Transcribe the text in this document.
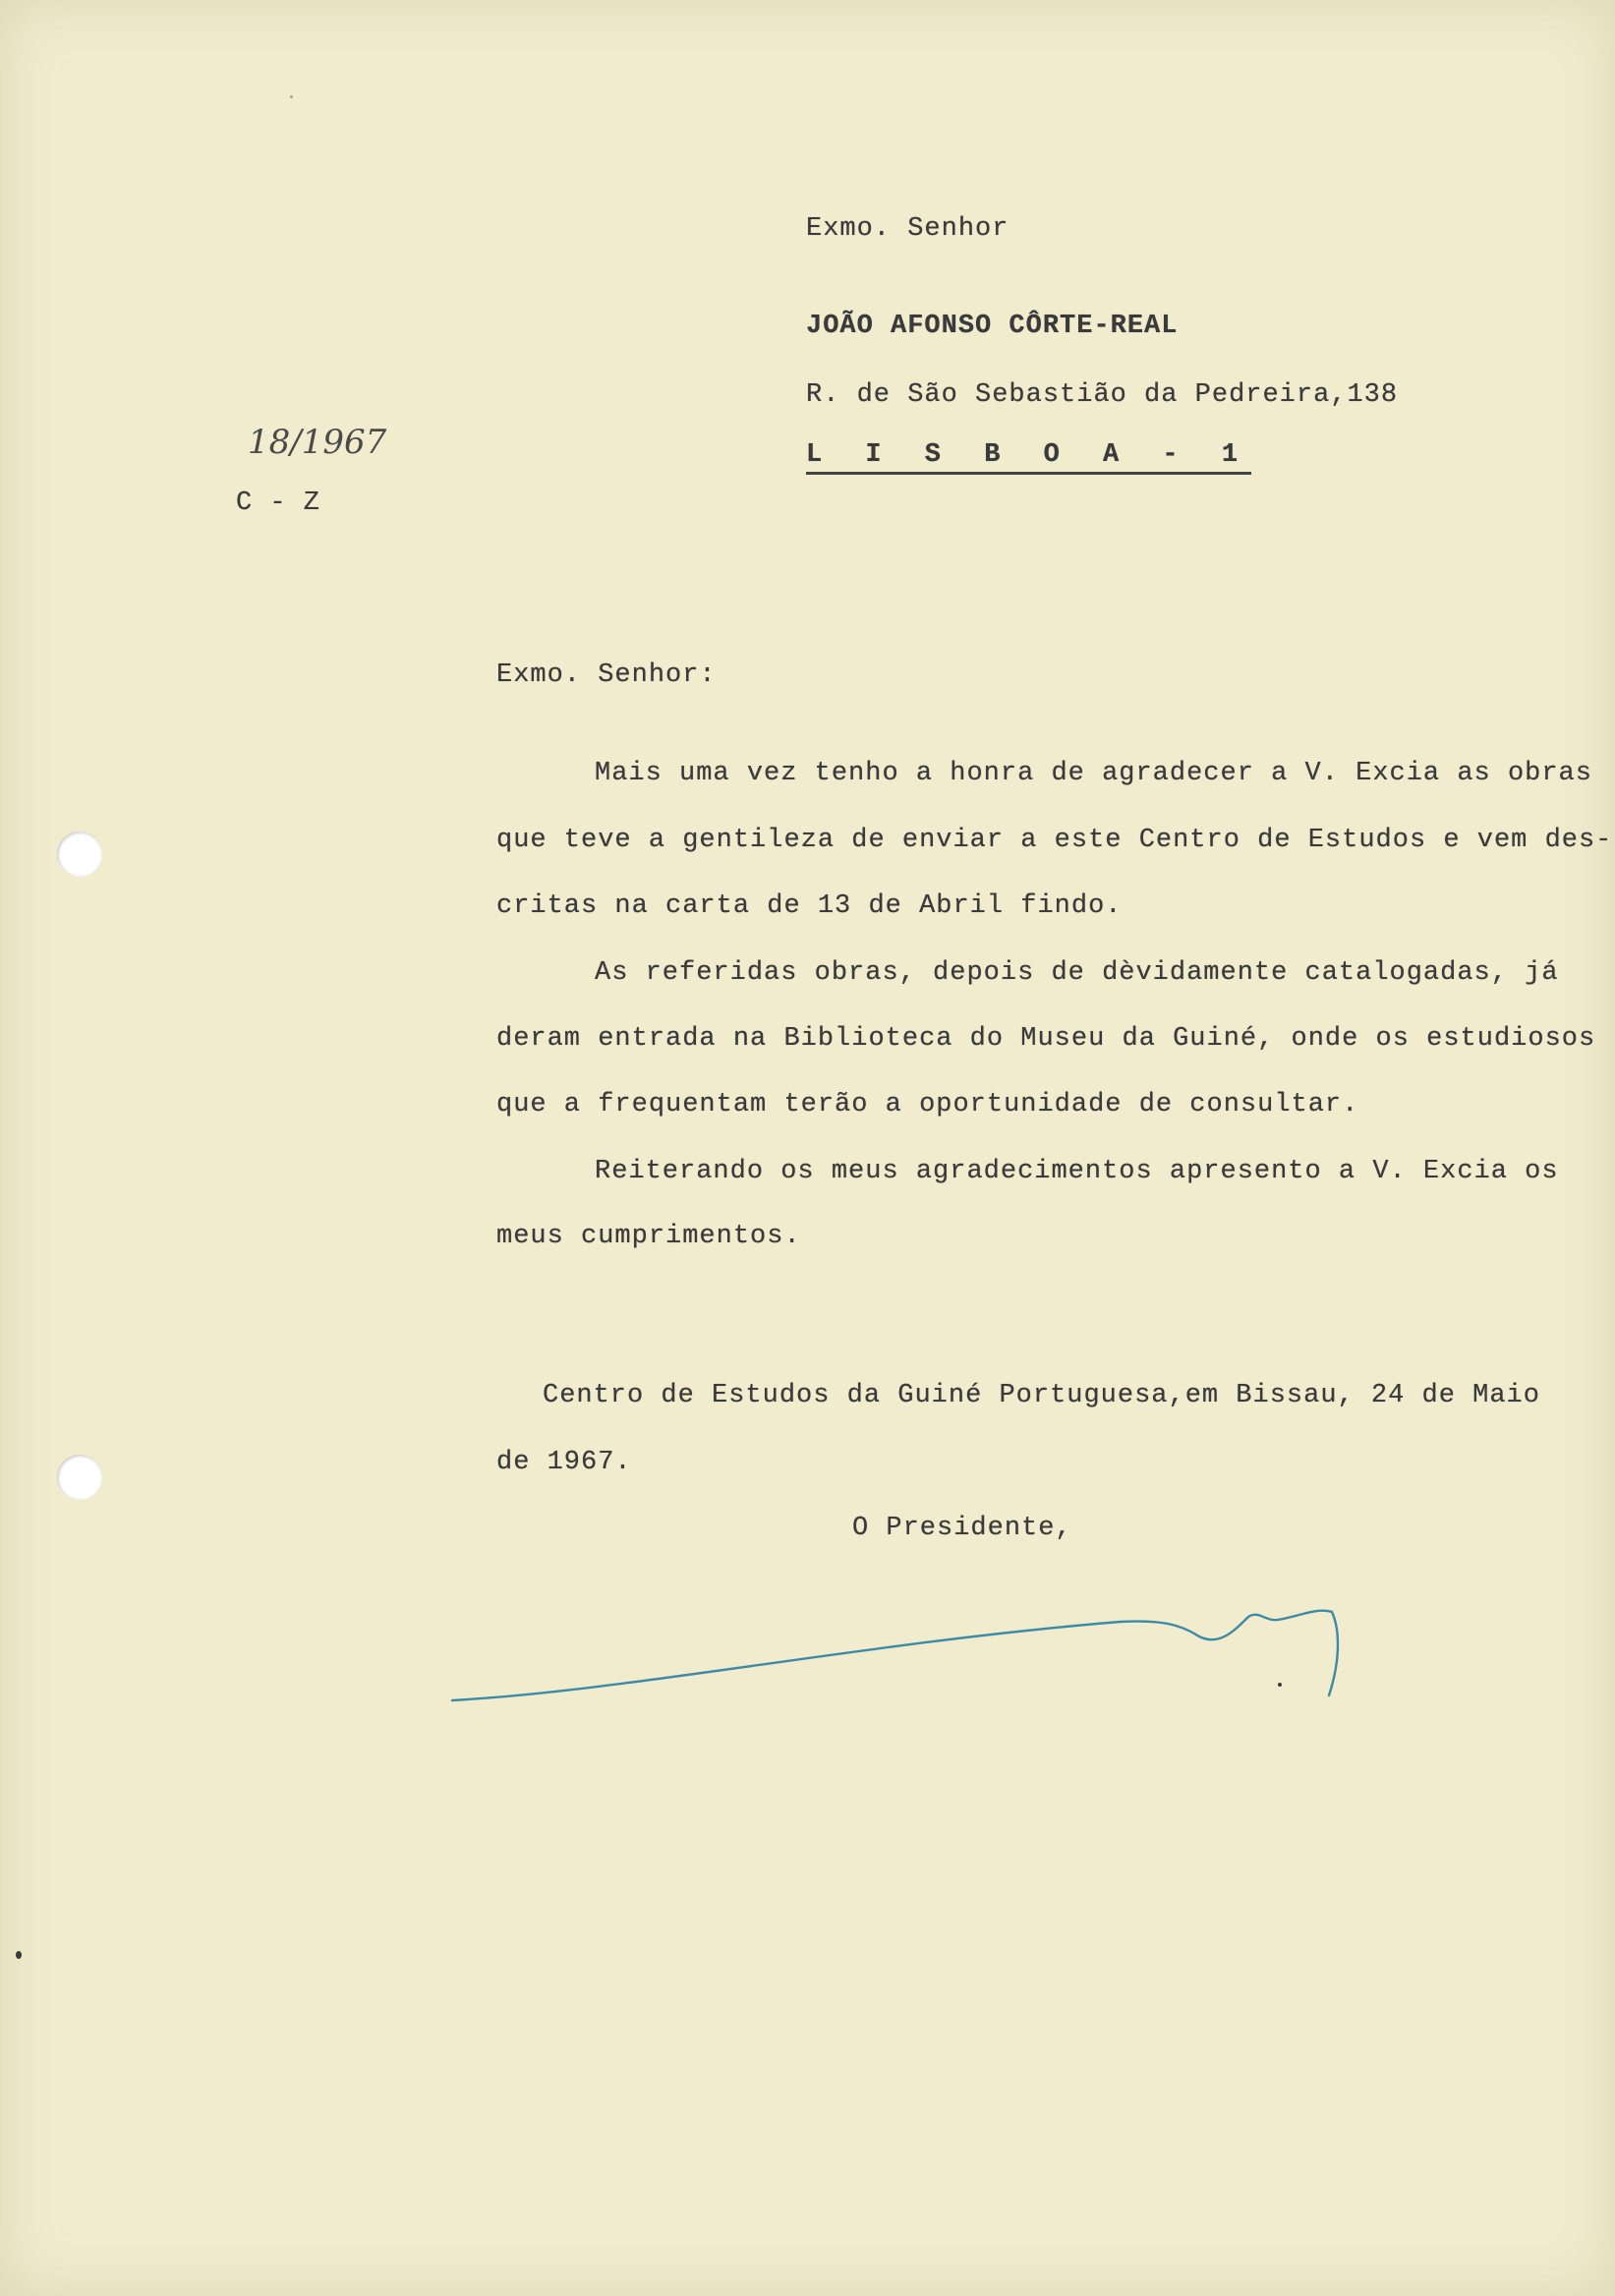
Exmo. Senhor
JOÃO AFONSO CÔRTE-REAL
R. de São Sebastião da Pedreira,138
L I S B O A - 1
18/1967
C - Z
Exmo. Senhor:
Mais uma vez tenho a honra de agradecer a V. Excia as obras
que teve a gentileza de enviar a este Centro de Estudos e vem des-
critas na carta de 13 de Abril findo.
As referidas obras, depois de dèvidamente catalogadas, já
deram entrada na Biblioteca do Museu da Guiné, onde os estudiosos
que a frequentam terão a oportunidade de consultar.
Reiterando os meus agradecimentos apresento a V. Excia os
meus cumprimentos.
Centro de Estudos da Guiné Portuguesa,em Bissau, 24 de Maio
de 1967.
O Presidente,
